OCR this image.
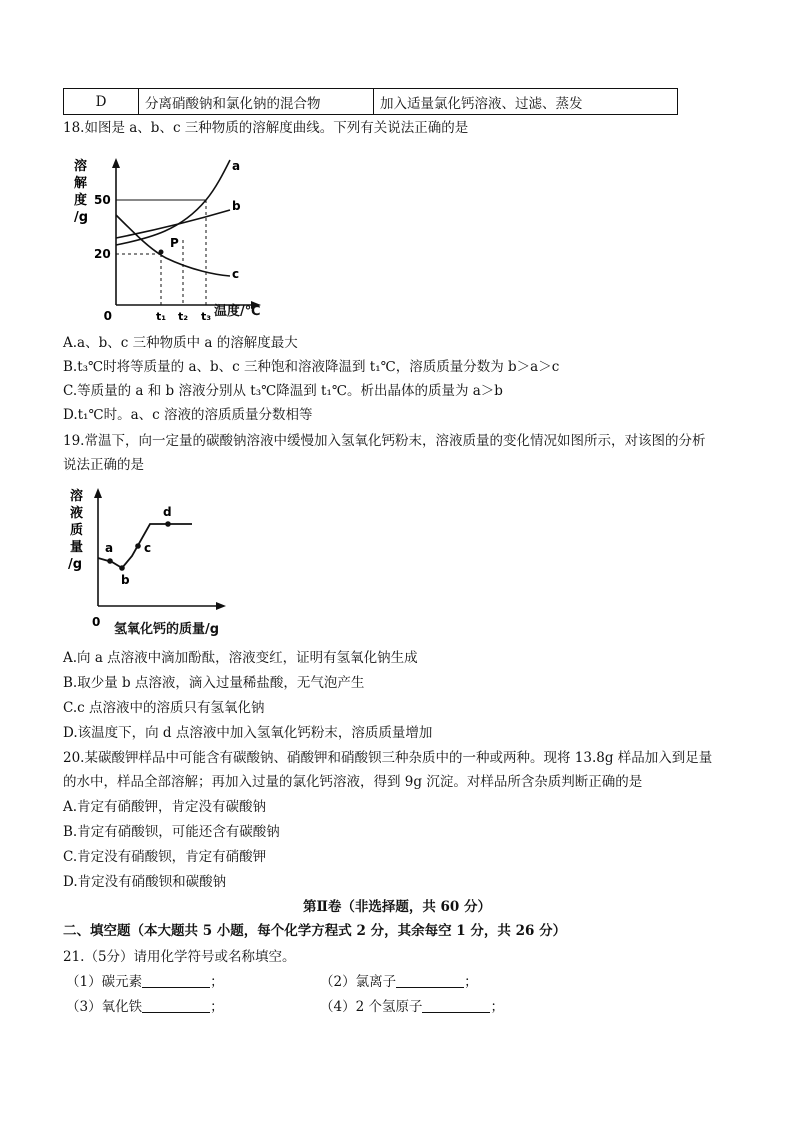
D	分离硝酸钠和氯化钠的混合物	加入适量氯化钙溶液、过滤、蒸发
18.如图是 a、b、c 三种物质的溶解度曲线。下列有关说法正确的是
溶
解
度
/g
50
20
0
P
a
b
c
t₁ t₂ t₃ 温度/℃
A.a、b、c 三种物质中 a 的溶解度最大
B.t₃℃时将等质量的 a、b、c 三种饱和溶液降温到 t₁℃，溶质质量分数为 b＞a＞c
C.等质量的 a 和 b 溶液分别从 t₃℃降温到 t₁℃。析出晶体的质量为 a＞b
D.t₁℃时。a、c 溶液的溶质质量分数相等
19.常温下，向一定量的碳酸钠溶液中缓慢加入氢氧化钙粉末，溶液质量的变化情况如图所示，对该图的分析
说法正确的是
溶
液
质
量
/g
0
a
b
c
d
氢氧化钙的质量/g
A.向 a 点溶液中滴加酚酞，溶液变红，证明有氢氧化钠生成
B.取少量 b 点溶液，滴入过量稀盐酸，无气泡产生
C.c 点溶液中的溶质只有氢氧化钠
D.该温度下，向 d 点溶液中加入氢氧化钙粉末，溶质质量增加
20.某碳酸钾样品中可能含有碳酸钠、硝酸钾和硝酸钡三种杂质中的一种或两种。现将 13.8g 样品加入到足量
的水中，样品全部溶解；再加入过量的氯化钙溶液，得到 9g 沉淀。对样品所含杂质判断正确的是
A.肯定有硝酸钾，肯定没有碳酸钠
B.肯定有硝酸钡，可能还含有碳酸钠
C.肯定没有硝酸钡，肯定有硝酸钾
D.肯定没有硝酸钡和碳酸钠
第Ⅱ卷（非选择题，共 60 分）
二、填空题（本大题共 5 小题，每个化学方程式 2 分，其余每空 1 分，共 26 分）
21.（5分）请用化学符号或名称填空。
（1）碳元素	；	（2）氯离子	；
（3）氧化铁	；	（4）2 个氢原子	；
